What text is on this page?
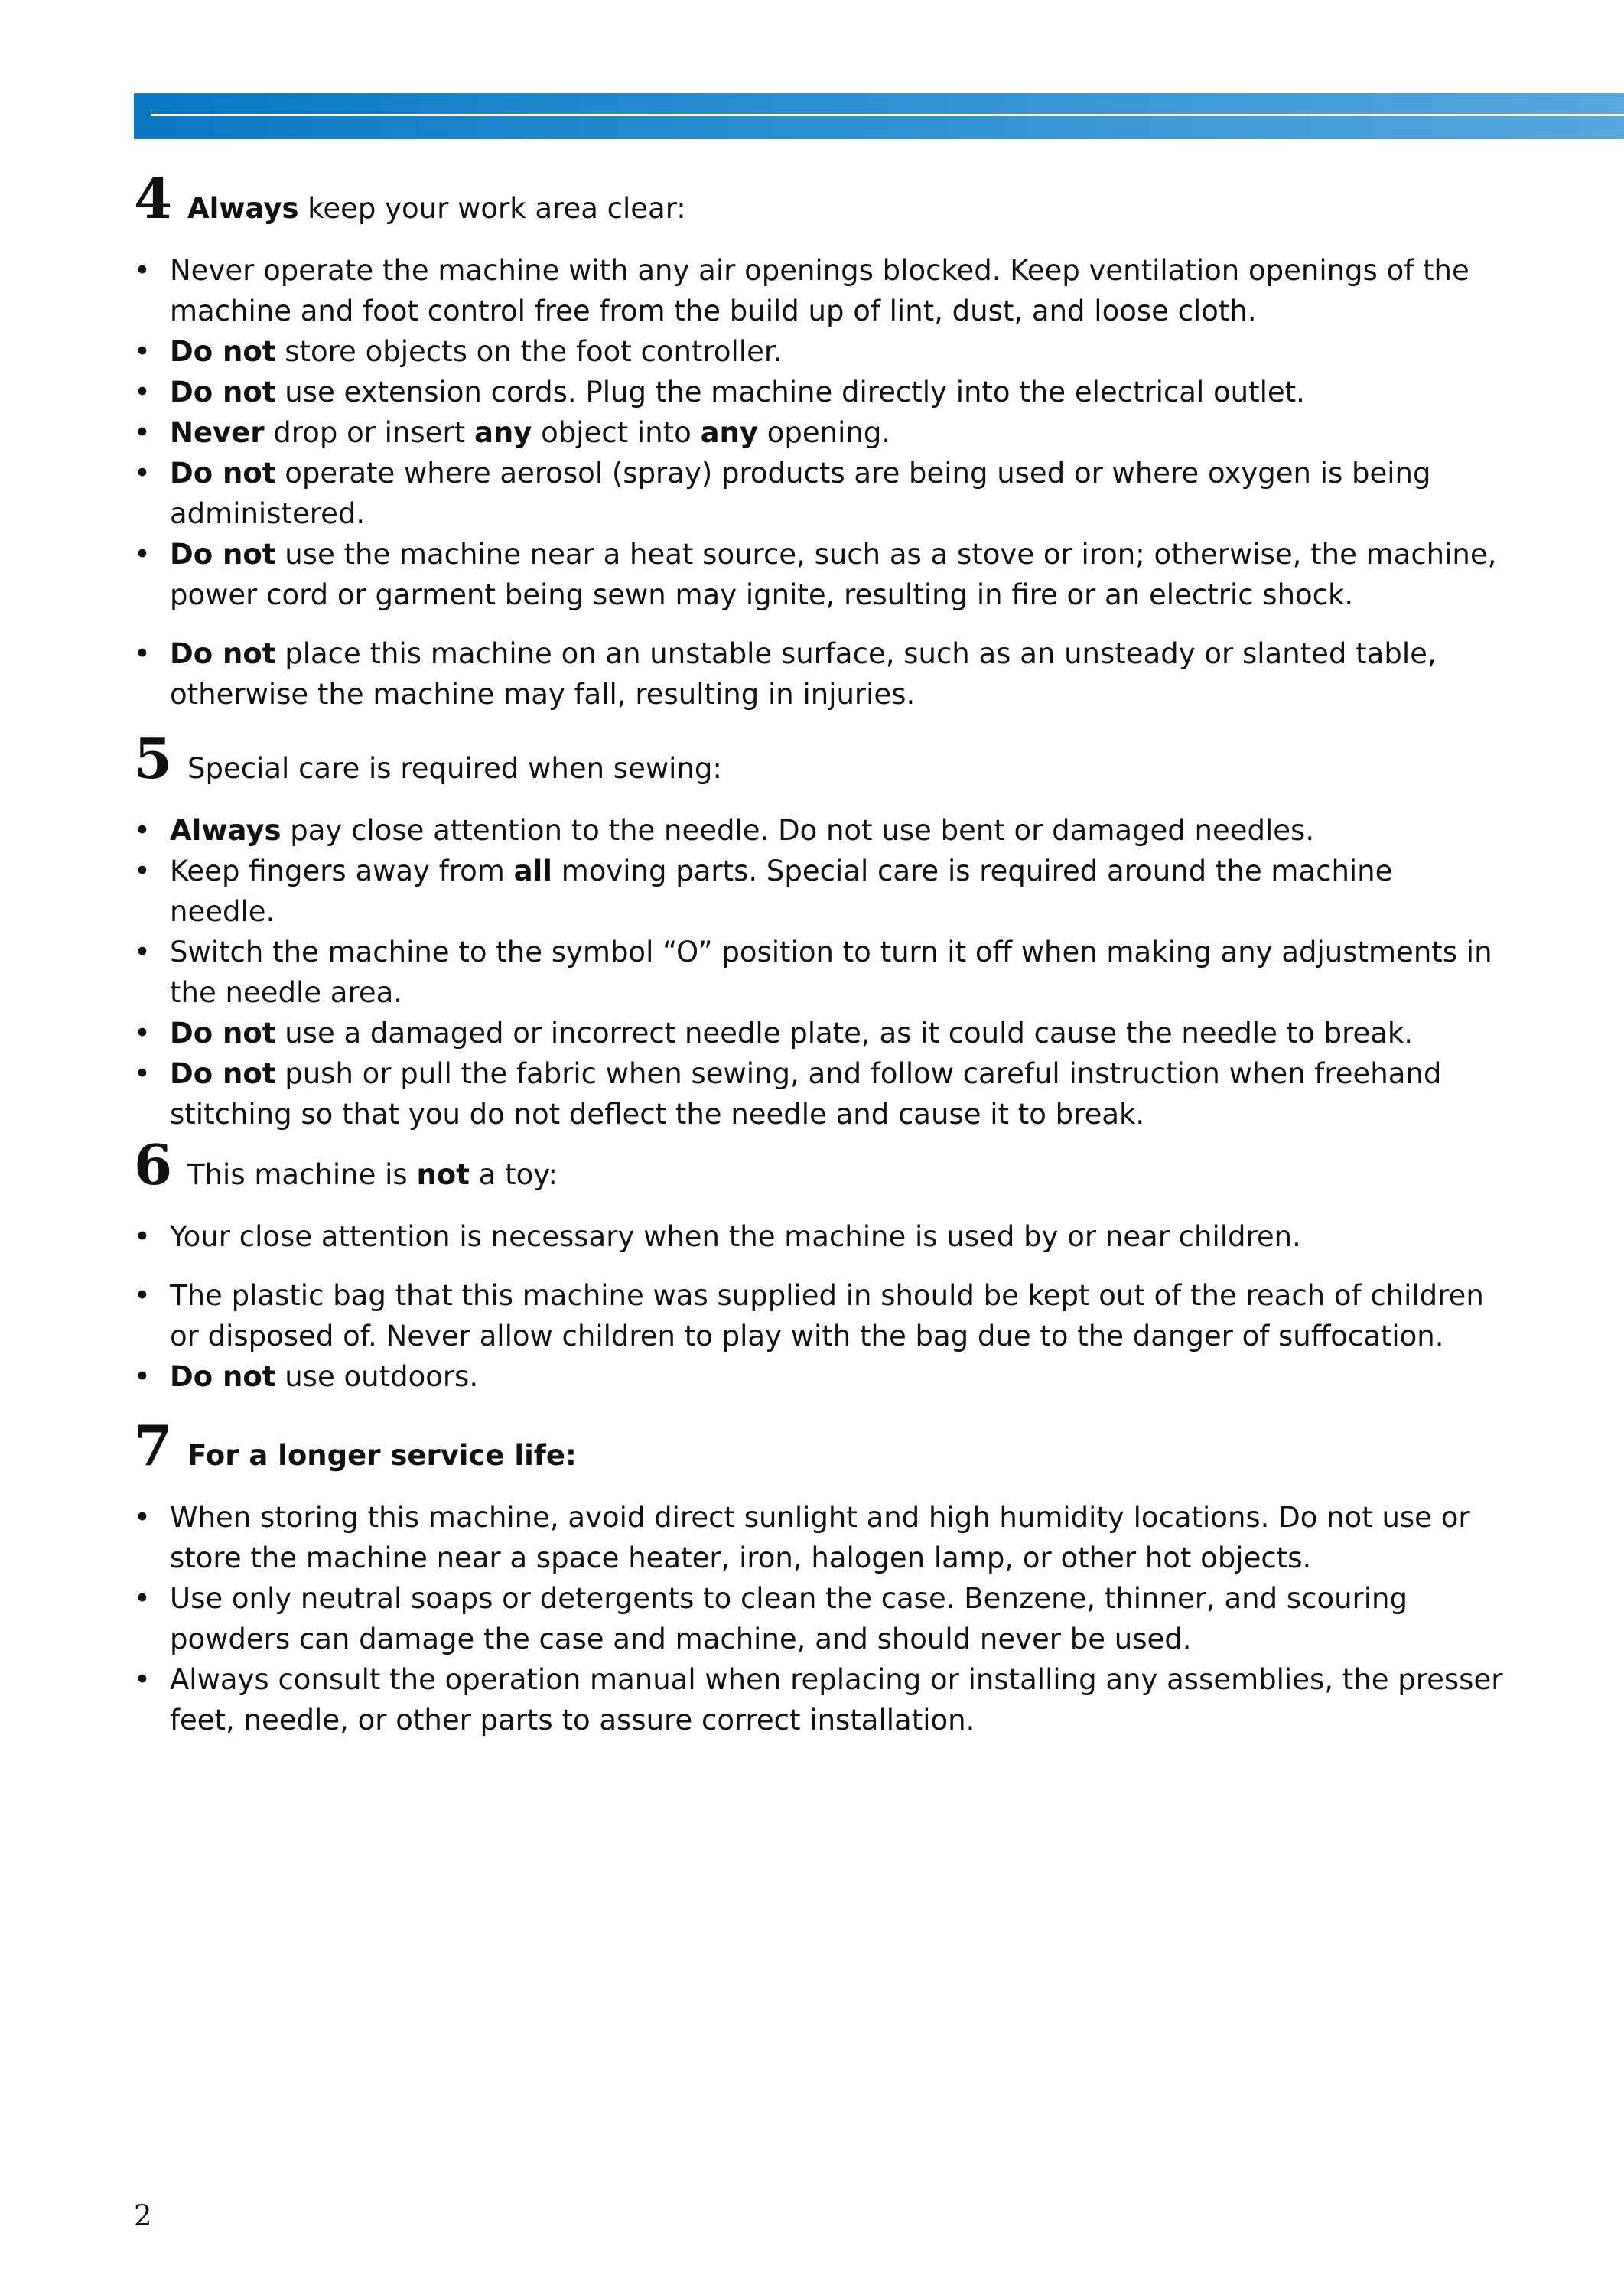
4 Always keep your work area clear:
• Never operate the machine with any air openings blocked. Keep ventilation openings of the machine and foot control free from the build up of lint, dust, and loose cloth.
• Do not store objects on the foot controller.
• Do not use extension cords. Plug the machine directly into the electrical outlet.
• Never drop or insert any object into any opening.
• Do not operate where aerosol (spray) products are being used or where oxygen is being administered.
• Do not use the machine near a heat source, such as a stove or iron; otherwise, the machine, power cord or garment being sewn may ignite, resulting in fire or an electric shock.
• Do not place this machine on an unstable surface, such as an unsteady or slanted table, otherwise the machine may fall, resulting in injuries.
5 Special care is required when sewing:
• Always pay close attention to the needle. Do not use bent or damaged needles.
• Keep fingers away from all moving parts. Special care is required around the machine needle.
• Switch the machine to the symbol “O” position to turn it off when making any adjustments in the needle area.
• Do not use a damaged or incorrect needle plate, as it could cause the needle to break.
• Do not push or pull the fabric when sewing, and follow careful instruction when freehand stitching so that you do not deflect the needle and cause it to break.
6 This machine is not a toy:
• Your close attention is necessary when the machine is used by or near children.
• The plastic bag that this machine was supplied in should be kept out of the reach of children or disposed of. Never allow children to play with the bag due to the danger of suffocation.
• Do not use outdoors.
7 For a longer service life:
• When storing this machine, avoid direct sunlight and high humidity locations. Do not use or store the machine near a space heater, iron, halogen lamp, or other hot objects.
• Use only neutral soaps or detergents to clean the case. Benzene, thinner, and scouring powders can damage the case and machine, and should never be used.
• Always consult the operation manual when replacing or installing any assemblies, the presser feet, needle, or other parts to assure correct installation.
2
